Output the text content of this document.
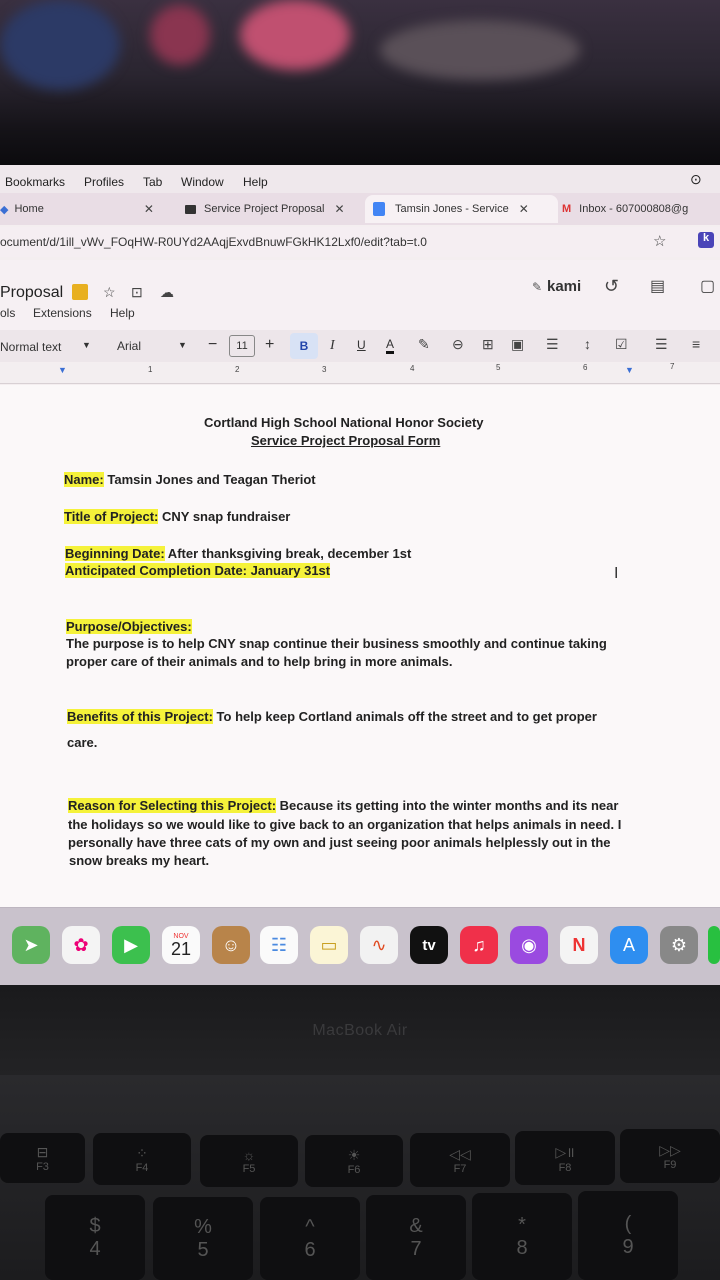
Bookmarks Profiles Tab Window Help	⊙
◆ Home	✕	Service Project Proposal ✕	Tamsin Jones - Service ✕	M Inbox - 607000808@g
ocument/d/1ill_vWv_FOqHW-R0UYd2AAqjExvdBnuwFGkHK12Lxf0/edit?tab=t.0	☆	k
Proposal	☆ ⊡ ☁
ols Extensions Help
✎ kami ↺ ▤ ▢
Normal text ▼ Arial	▼ −	11	+	B	I U A ✎ ⊖ ⊞ ▣ ☰ ↕ ☑ ☰ ≡
▼	1	2	3	4	5	6	▼	7
Cortland High School National Honor Society
Service Project Proposal Form
Name: Tamsin Jones and Teagan Theriot
Title of Project: CNY snap fundraiser
Beginning Date: After thanksgiving break, december 1st
Anticipated Completion Date: January 31st	I
Purpose/Objectives:
The purpose is to help CNY snap continue their business smoothly and continue taking
proper care of their animals and to help bring in more animals.
Benefits of this Project: To help keep Cortland animals off the street and to get proper
care.
Reason for Selecting this Project: Because its getting into the winter months and its near
the holidays so we would like to give back to an organization that helps animals in need. I
personally have three cats of my own and just seeing poor animals helplessly out in the
snow breaks my heart.
➤	✿	▶	NOV
21	☺	☷	▭	∿	tv	♫	◉	N	A	⚙
MacBook Air
⊟
F3
⁘
F4
☼
F5
☀
F6
◁◁
F7
▷॥
F8
▷▷
F9
$
4
%
5
^
6
&
7
*
8
(
9
